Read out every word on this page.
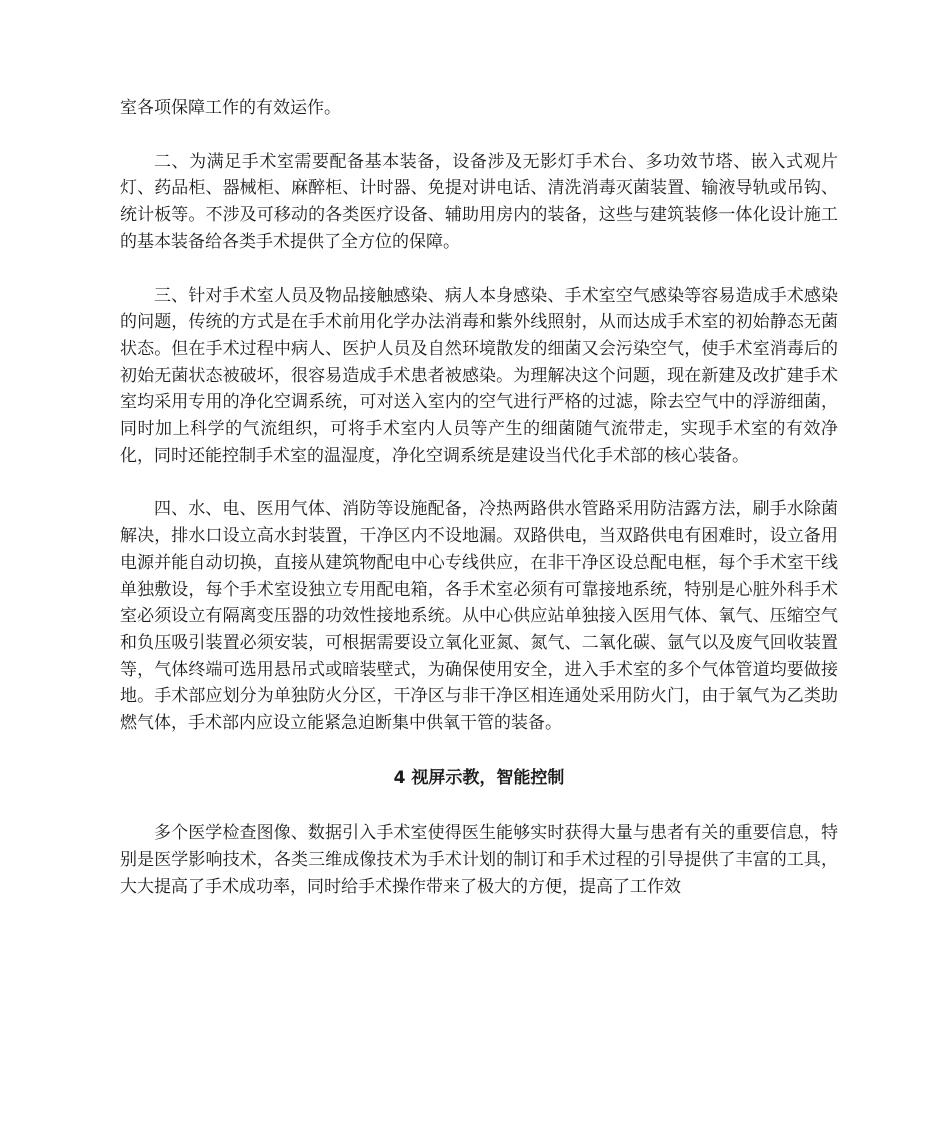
室各项保障工作的有效运作。

二、为满足手术室需要配备基本装备，设备涉及无影灯手术台、多功效节塔、嵌入式观片灯、药品柜、器械柜、麻醉柜、计时器、免提对讲电话、清洗消毒灭菌装置、输液导轨或吊钩、统计板等。不涉及可移动的各类医疗设备、辅助用房内的装备，这些与建筑装修一体化设计施工的基本装备给各类手术提供了全方位的保障。

三、针对手术室人员及物品接触感染、病人本身感染、手术室空气感染等容易造成手术感染的问题，传统的方式是在手术前用化学办法消毒和紫外线照射，从而达成手术室的初始静态无菌状态。但在手术过程中病人、医护人员及自然环境散发的细菌又会污染空气，使手术室消毒后的初始无菌状态被破坏，很容易造成手术患者被感染。为理解决这个问题，现在新建及改扩建手术室均采用专用的净化空调系统，可对送入室内的空气进行严格的过滤，除去空气中的浮游细菌，同时加上科学的气流组织，可将手术室内人员等产生的细菌随气流带走，实现手术室的有效净化，同时还能控制手术室的温湿度，净化空调系统是建设当代化手术部的核心装备。

四、水、电、医用气体、消防等设施配备，冷热两路供水管路采用防洁露方法，刷手水除菌解决，排水口设立高水封装置，干净区内不设地漏。双路供电，当双路供电有困难时，设立备用电源并能自动切换，直接从建筑物配电中心专线供应，在非干净区设总配电框，每个手术室干线单独敷设，每个手术室设独立专用配电箱，各手术室必须有可靠接地系统，特别是心脏外科手术室必须设立有隔离变压器的功效性接地系统。从中心供应站单独接入医用气体、氧气、压缩空气和负压吸引装置必须安装，可根据需要设立氧化亚氮、氮气、二氧化碳、氩气以及废气回收装置等，气体终端可选用悬吊式或暗装壁式，为确保使用安全，进入手术室的多个气体管道均要做接地。手术部应划分为单独防火分区，干净区与非干净区相连通处采用防火门，由于氧气为乙类助燃气体，手术部内应设立能紧急迫断集中供氧干管的装备。

4 视屏示教，智能控制

多个医学检查图像、数据引入手术室使得医生能够实时获得大量与患者有关的重要信息，特别是医学影响技术，各类三维成像技术为手术计划的制订和手术过程的引导提供了丰富的工具，大大提高了手术成功率，同时给手术操作带来了极大的方便，提高了工作效
